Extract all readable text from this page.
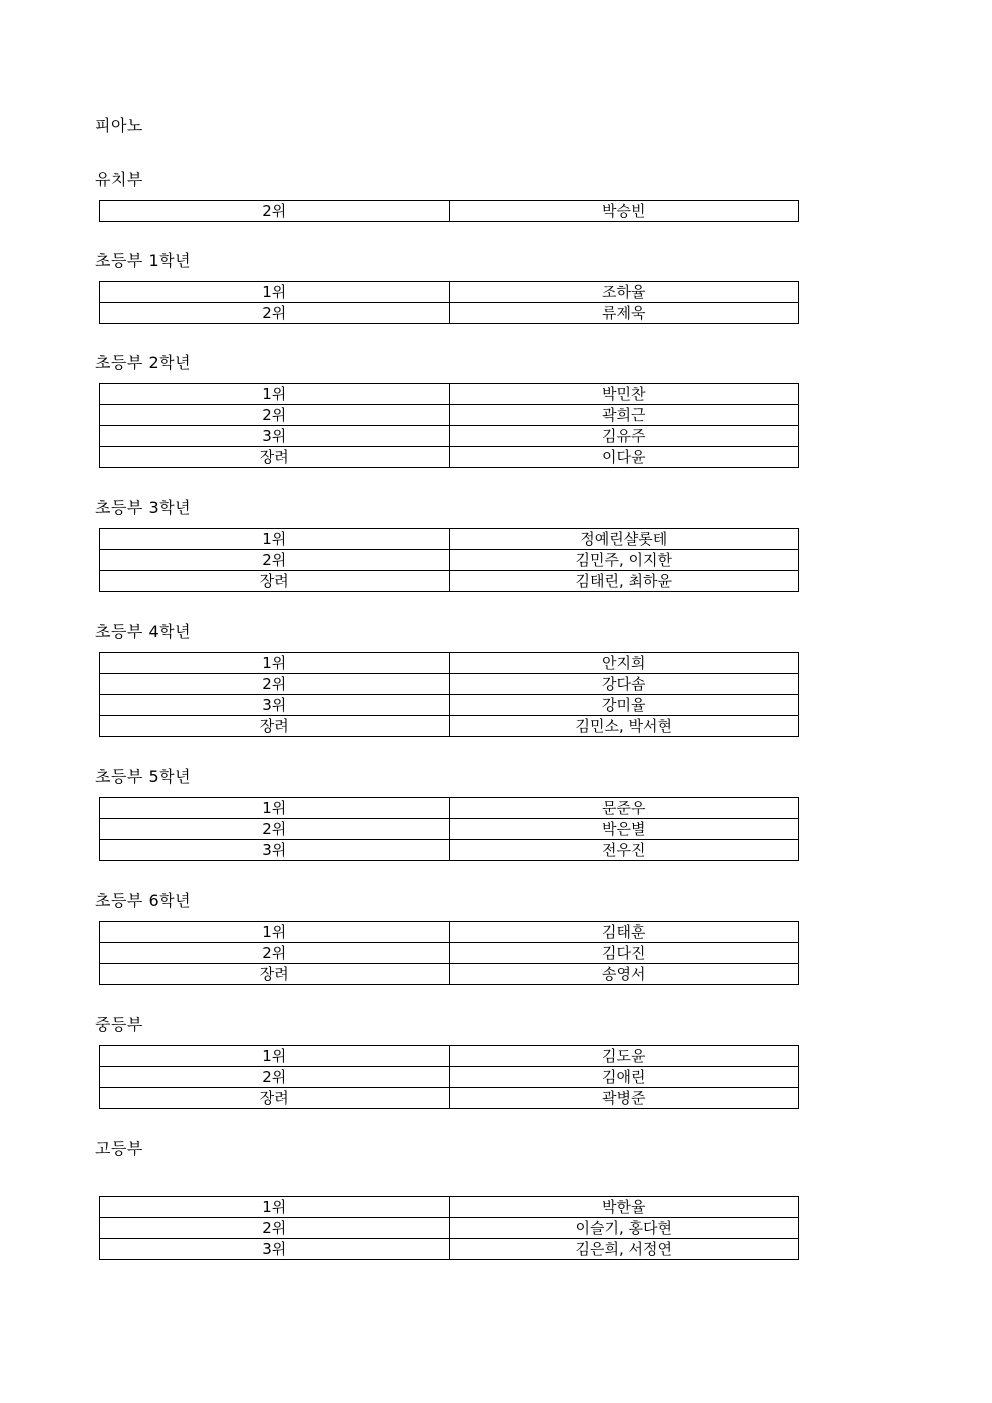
피아노
유치부
2위	박승빈
초등부 1학년
1위	조하율
2위	류제욱
초등부 2학년
1위	박민찬
2위	곽희근
3위	김유주
장려	이다윤
초등부 3학년
1위	정예린샬롯테
2위	김민주, 이지한
장려	김태린, 최하윤
초등부 4학년
1위	안지희
2위	강다솜
3위	강미율
장려	김민소, 박서현
초등부 5학년
1위	문준우
2위	박은별
3위	전우진
초등부 6학년
1위	김태훈
2위	김다진
장려	송영서
중등부
1위	김도윤
2위	김애린
장려	곽병준
고등부
1위	박한율
2위	이슬기, 홍다현
3위	김은희, 서정연
